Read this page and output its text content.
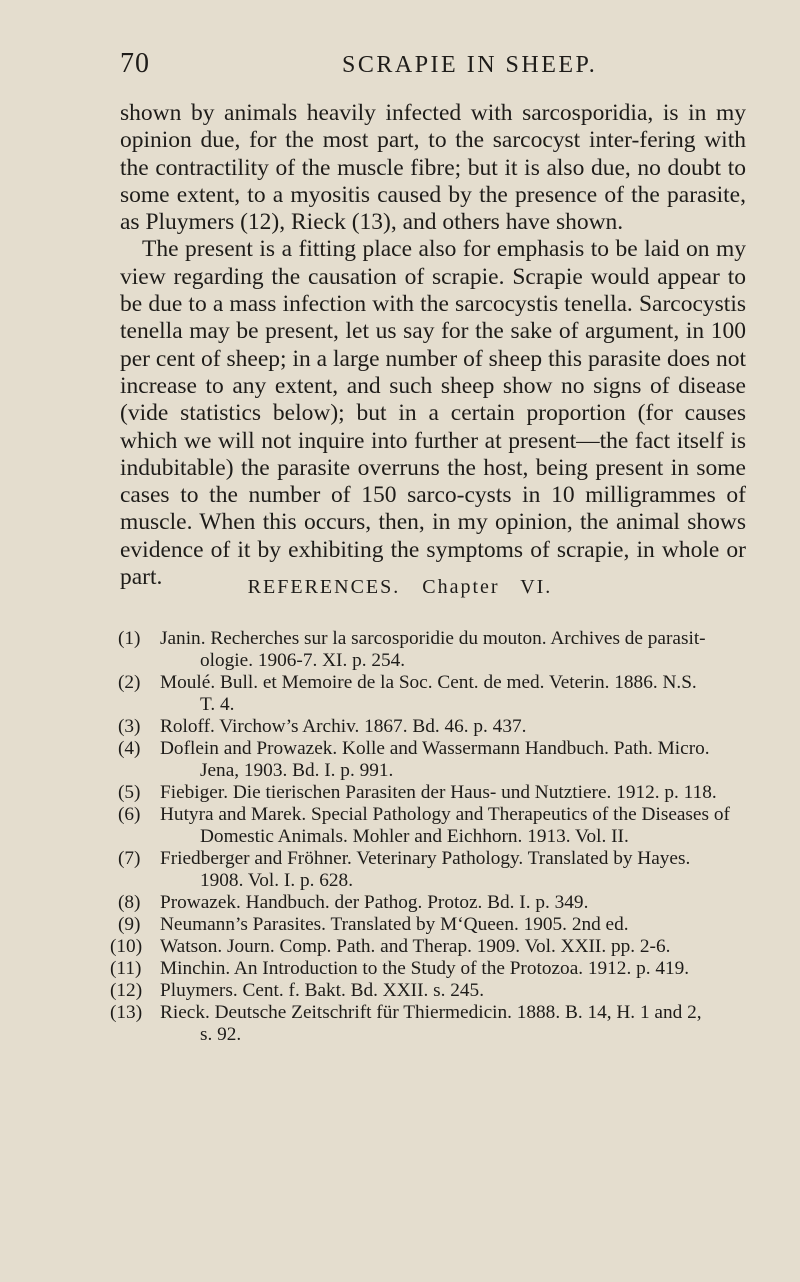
70	SCRAPIE IN SHEEP.

shown by animals heavily infected with sarcosporidia, is in my opinion due, for the most part, to the sarcocyst inter-fering with the contractility of the muscle fibre; but it is also due, no doubt to some extent, to a myositis caused by the presence of the parasite, as Pluymers (12), Rieck (13), and others have shown.

The present is a fitting place also for emphasis to be laid on my view regarding the causation of scrapie. Scrapie would appear to be due to a mass infection with the sarcocystis tenella. Sarcocystis tenella may be present, let us say for the sake of argument, in 100 per cent of sheep; in a large number of sheep this parasite does not increase to any extent, and such sheep show no signs of disease (vide statistics below); but in a certain proportion (for causes which we will not inquire into further at present—the fact itself is indubitable) the parasite overruns the host, being present in some cases to the number of 150 sarco-cysts in 10 milligrammes of muscle. When this occurs, then, in my opinion, the animal shows evidence of it by exhibiting the symptoms of scrapie, in whole or part.	REFERENCES. Chapter VI.
(1)	Janin. Recherches sur la sarcosporidie du mouton. Archives de parasit-
ologie. 1906-7. XI. p. 254.
(2)	Moulé. Bull. et Memoire de la Soc. Cent. de med. Veterin. 1886. N.S.
T. 4.
(3)	Roloff. Virchow’s Archiv. 1867. Bd. 46. p. 437.
(4)	Doflein and Prowazek. Kolle and Wassermann Handbuch. Path. Micro.
Jena, 1903. Bd. I. p. 991.
(5)	Fiebiger. Die tierischen Parasiten der Haus- und Nutztiere. 1912. p. 118.
(6)	Hutyra and Marek. Special Pathology and Therapeutics of the Diseases of
Domestic Animals. Mohler and Eichhorn. 1913. Vol. II.
(7)	Friedberger and Fröhner. Veterinary Pathology. Translated by Hayes.
1908. Vol. I. p. 628.
(8)	Prowazek. Handbuch. der Pathog. Protoz. Bd. I. p. 349.
(9)	Neumann’s Parasites. Translated by M‘Queen. 1905. 2nd ed.
(10) Watson. Journ. Comp. Path. and Therap. 1909. Vol. XXII. pp. 2-6.
(11) Minchin. An Introduction to the Study of the Protozoa. 1912. p. 419.
(12) Pluymers. Cent. f. Bakt. Bd. XXII. s. 245.
(13) Rieck. Deutsche Zeitschrift für Thiermedicin. 1888. B. 14, H. 1 and 2,
s. 92.
